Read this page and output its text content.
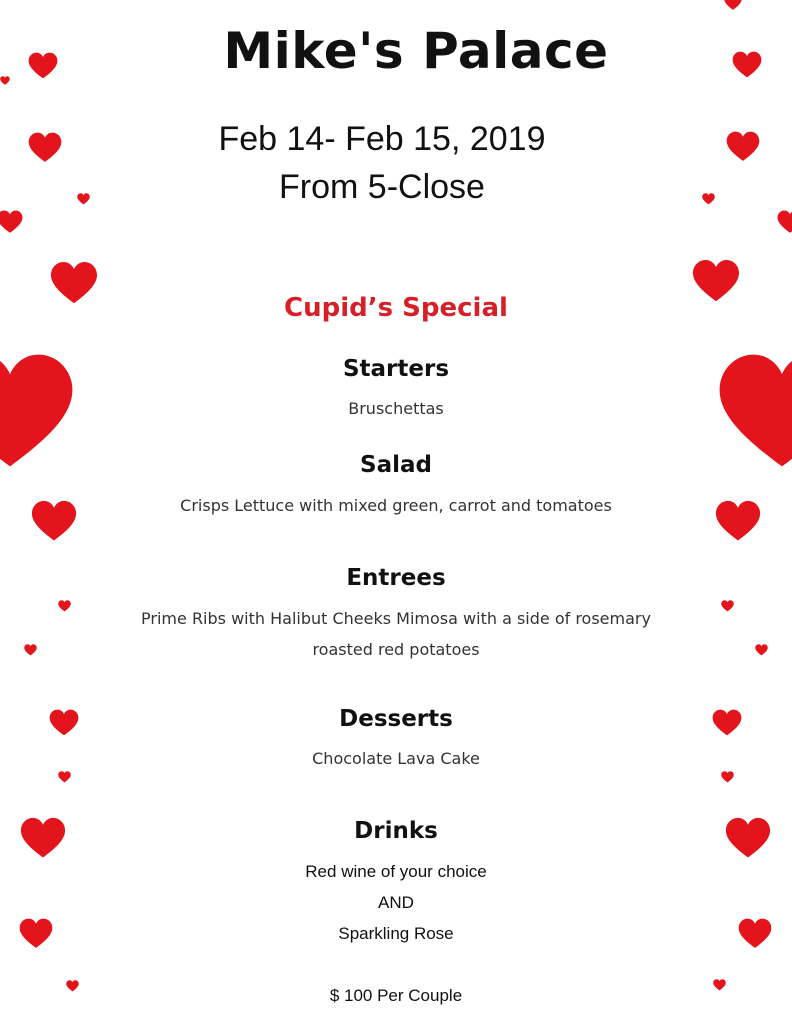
Mike's Palace
Feb 14- Feb 15, 2019
From 5-Close
Cupid’s Special
Starters
Bruschettas
Salad
Crisps Lettuce with mixed green, carrot and tomatoes
Entrees
Prime Ribs with Halibut Cheeks Mimosa with a side of rosemary
roasted red potatoes
Desserts
Chocolate Lava Cake
Drinks
Red wine of your choice
AND
Sparkling Rose
$ 100 Per Couple
